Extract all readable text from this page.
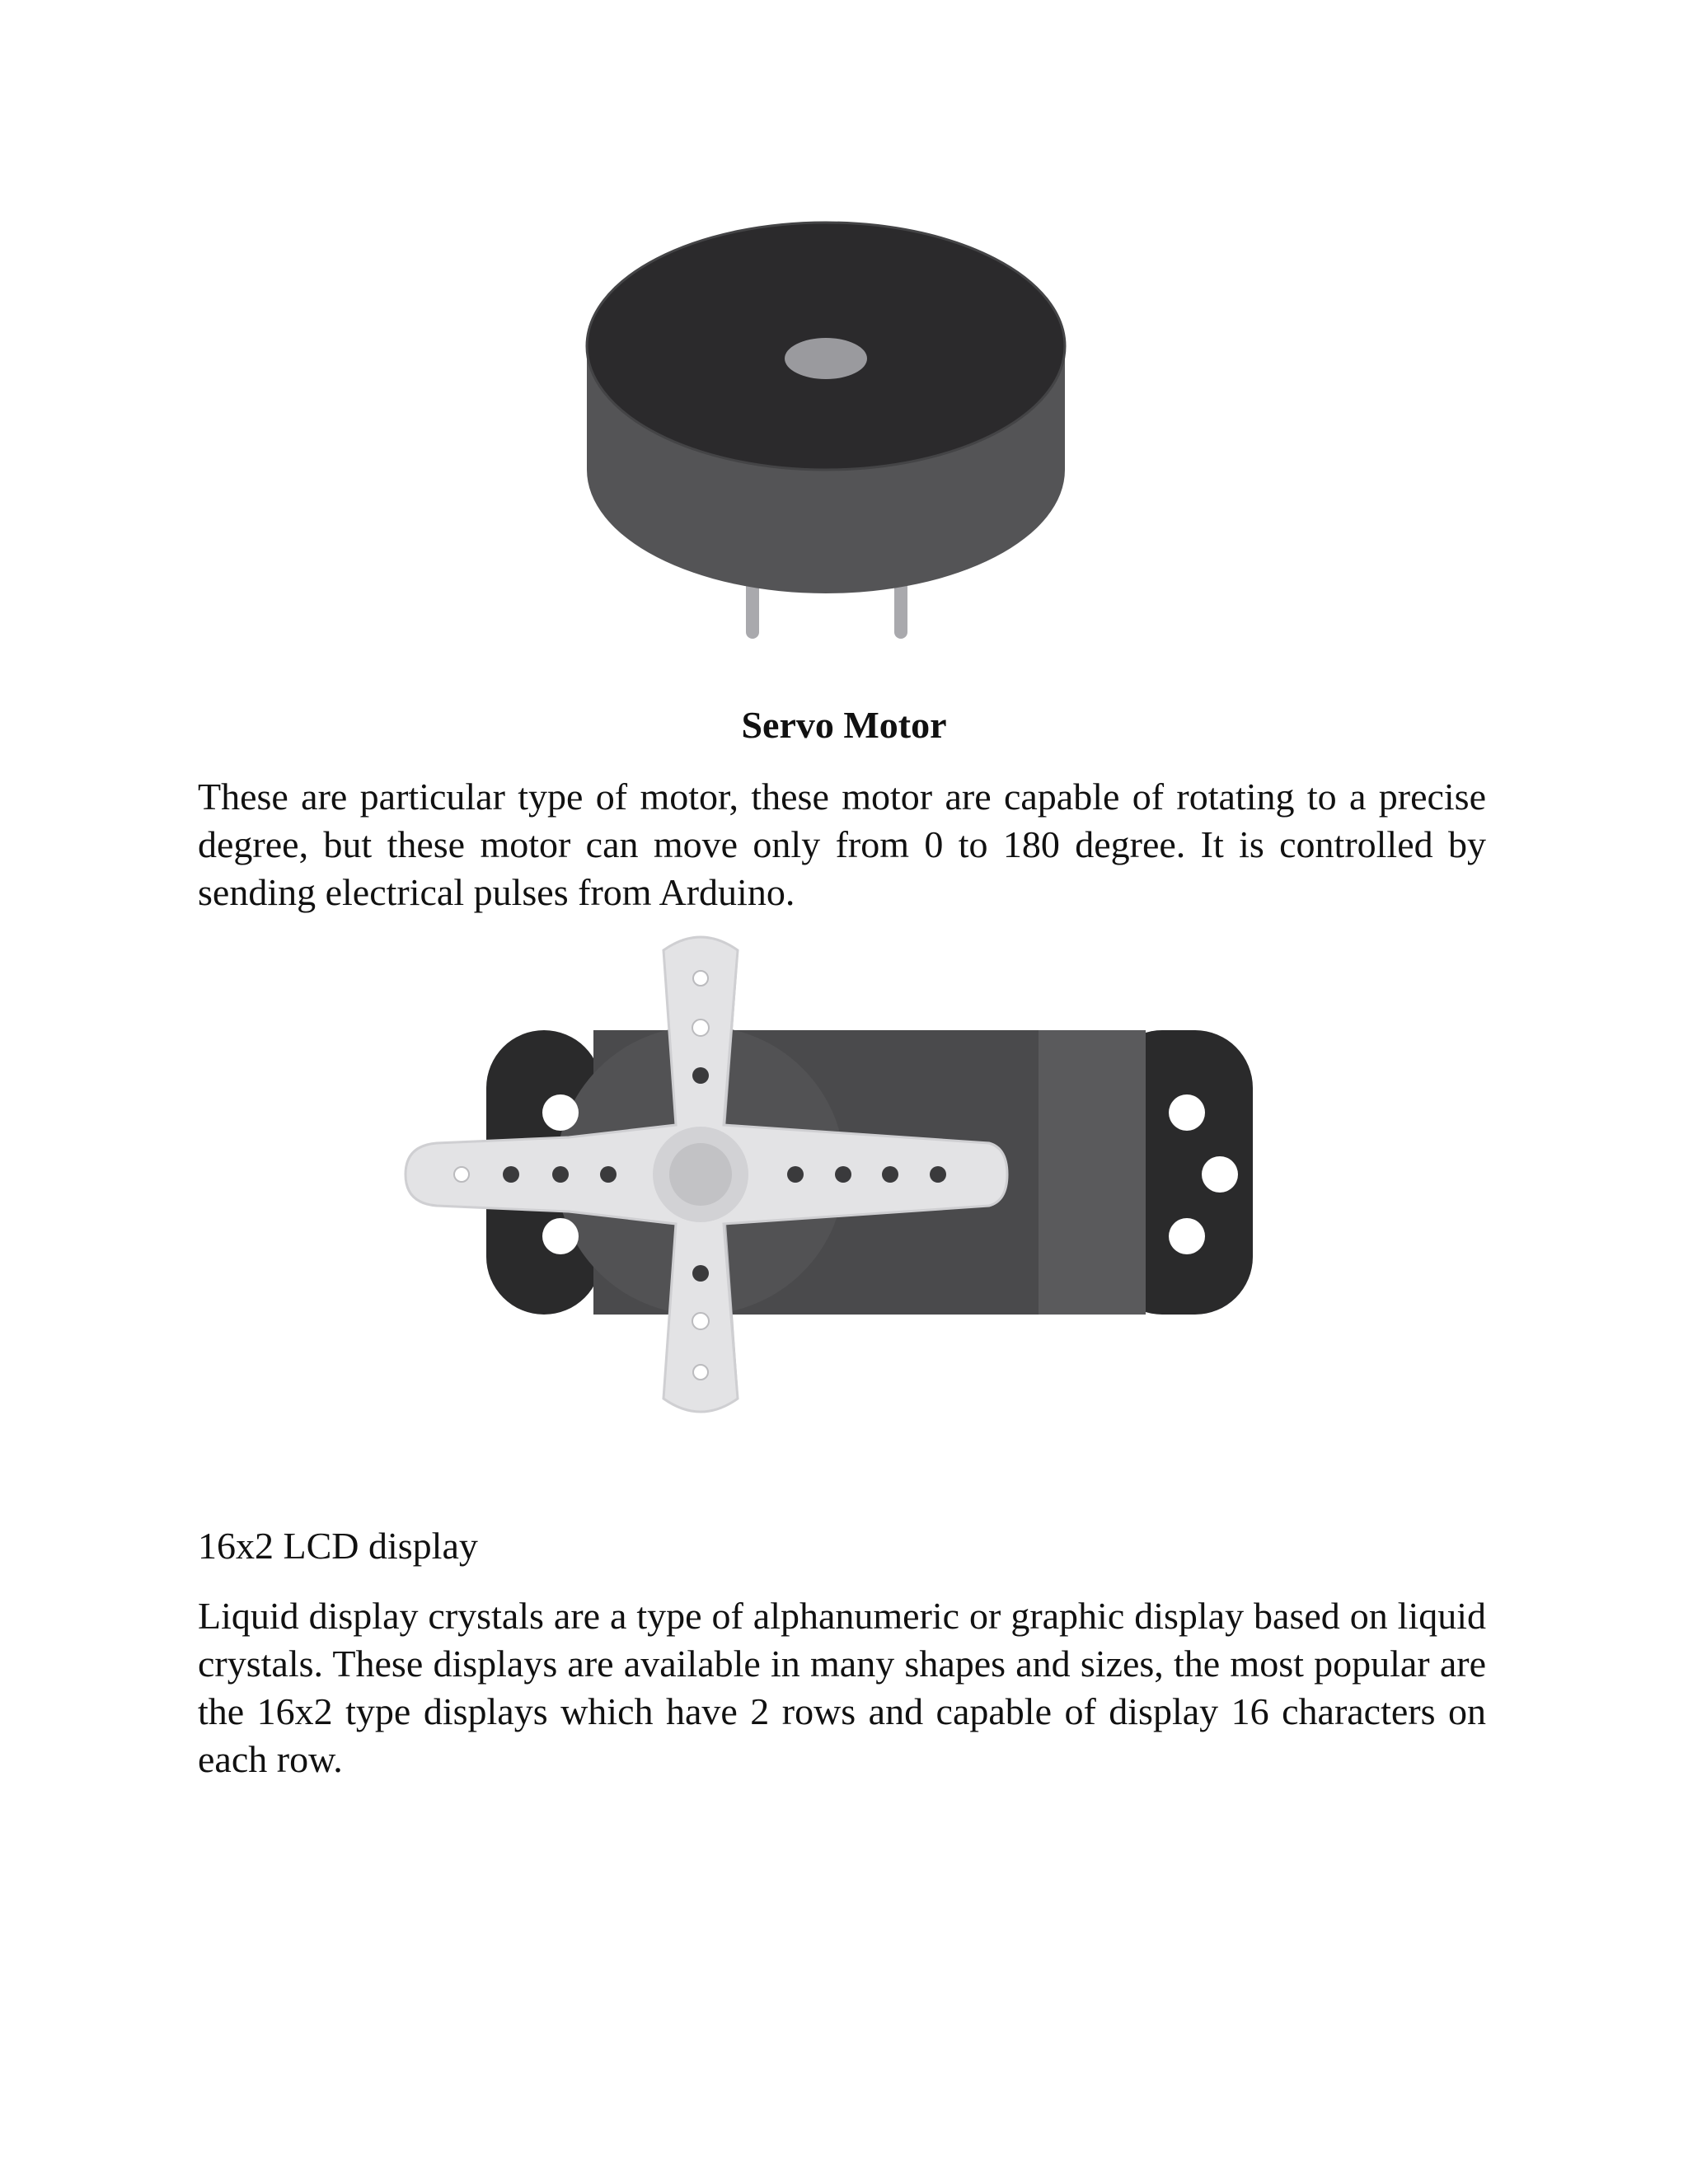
Servo Motor

These are particular type of motor, these motor are capable of rotating to a precise degree, but these motor can move only from 0 to 180 degree. It is controlled by sending electrical pulses from Arduino.

16x2 LCD display

Liquid display crystals are a type of alphanumeric or graphic display based on liquid crystals. These displays are available in many shapes and sizes, the most popular are the 16x2 type displays which have 2 rows and capable of display 16 characters on each row.
